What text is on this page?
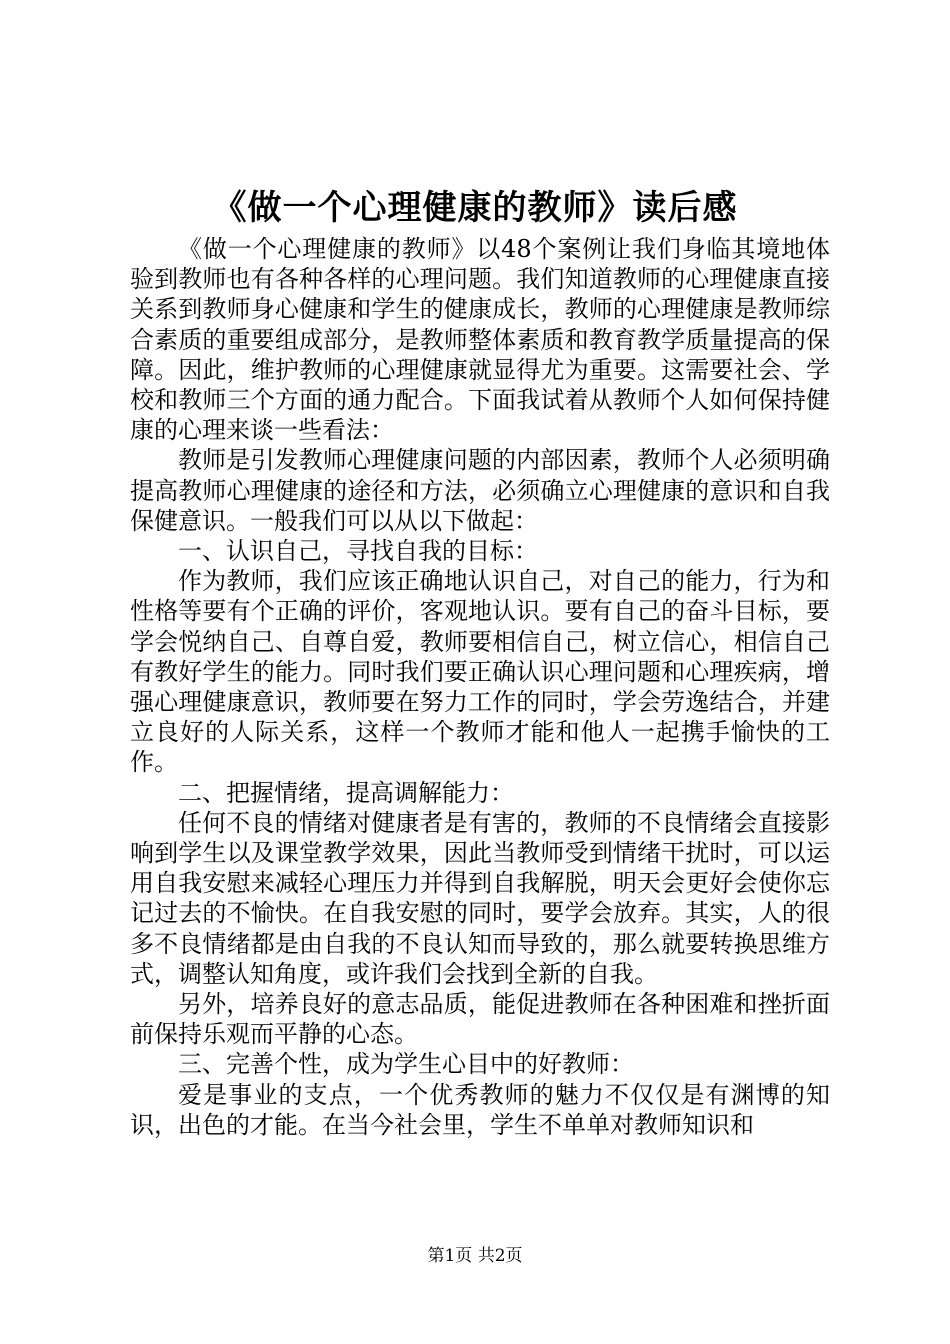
《做一个心理健康的教师》读后感

《做一个心理健康的教师》以48个案例让我们身临其境地体验到教师也有各种各样的心理问题。我们知道教师的心理健康直接关系到教师身心健康和学生的健康成长，教师的心理健康是教师综合素质的重要组成部分，是教师整体素质和教育教学质量提高的保障。因此，维护教师的心理健康就显得尤为重要。这需要社会、学校和教师三个方面的通力配合。下面我试着从教师个人如何保持健康的心理来谈一些看法：

教师是引发教师心理健康问题的内部因素，教师个人必须明确提高教师心理健康的途径和方法，必须确立心理健康的意识和自我保健意识。一般我们可以从以下做起：

一、认识自己，寻找自我的目标：

作为教师，我们应该正确地认识自己，对自己的能力，行为和性格等要有个正确的评价，客观地认识。要有自己的奋斗目标，要学会悦纳自己、自尊自爱，教师要相信自己，树立信心，相信自己有教好学生的能力。同时我们要正确认识心理问题和心理疾病，增强心理健康意识，教师要在努力工作的同时，学会劳逸结合，并建立良好的人际关系，这样一个教师才能和他人一起携手愉快的工作。

二、把握情绪，提高调解能力：

任何不良的情绪对健康者是有害的，教师的不良情绪会直接影响到学生以及课堂教学效果，因此当教师受到情绪干扰时，可以运用自我安慰来减轻心理压力并得到自我解脱，明天会更好会使你忘记过去的不愉快。在自我安慰的同时，要学会放弃。其实，人的很多不良情绪都是由自我的不良认知而导致的，那么就要转换思维方式，调整认知角度，或许我们会找到全新的自我。

另外，培养良好的意志品质，能促进教师在各种困难和挫折面前保持乐观而平静的心态。

三、完善个性，成为学生心目中的好教师：

爱是事业的支点，一个优秀教师的魅力不仅仅是有渊博的知识，出色的才能。在当今社会里，学生不单单对教师知识和

第1页 共2页
